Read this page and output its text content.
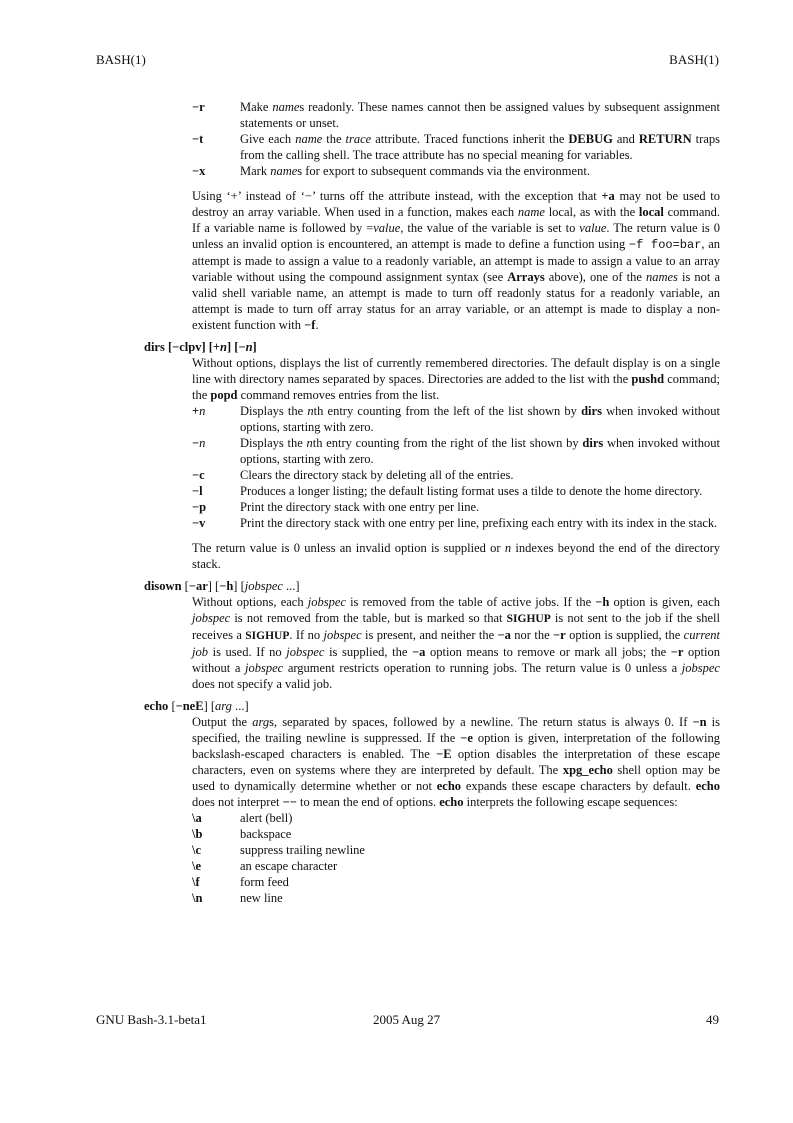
BASH(1)	BASH(1)
−r	Make names readonly. These names cannot then be assigned values by subsequent assignment statements or unset.
−t	Give each name the trace attribute. Traced functions inherit the DEBUG and RETURN traps from the calling shell. The trace attribute has no special meaning for variables.
−x	Mark names for export to subsequent commands via the environment.

Using ‘+’ instead of ‘−’ turns off the attribute instead, with the exception that +a may not be used to destroy an array variable. When used in a function, makes each name local, as with the local command. If a variable name is followed by =value, the value of the variable is set to value. The return value is 0 unless an invalid option is encountered, an attempt is made to define a function using −f foo=bar, an attempt is made to assign a value to a readonly variable, an attempt is made to assign a value to an array variable without using the compound assignment syntax (see Arrays above), one of the names is not a valid shell variable name, an attempt is made to turn off readonly status for a readonly variable, an attempt is made to turn off array status for an array variable, or an attempt is made to display a non-existent function with −f.

dirs [−clpv] [+n] [−n]

Without options, displays the list of currently remembered directories. The default display is on a single line with directory names separated by spaces. Directories are added to the list with the pushd command; the popd command removes entries from the list.

+n	Displays the nth entry counting from the left of the list shown by dirs when invoked without options, starting with zero.
−n	Displays the nth entry counting from the right of the list shown by dirs when invoked without options, starting with zero.
−c	Clears the directory stack by deleting all of the entries.
−l	Produces a longer listing; the default listing format uses a tilde to denote the home directory.
−p	Print the directory stack with one entry per line.
−v	Print the directory stack with one entry per line, prefixing each entry with its index in the stack.

The return value is 0 unless an invalid option is supplied or n indexes beyond the end of the directory stack.

disown [−ar] [−h] [jobspec ...]

Without options, each jobspec is removed from the table of active jobs. If the −h option is given, each jobspec is not removed from the table, but is marked so that SIGHUP is not sent to the job if the shell receives a SIGHUP. If no jobspec is present, and neither the −a nor the −r option is supplied, the current job is used. If no jobspec is supplied, the −a option means to remove or mark all jobs; the −r option without a jobspec argument restricts operation to running jobs. The return value is 0 unless a jobspec does not specify a valid job.

echo [−neE] [arg ...]

Output the args, separated by spaces, followed by a newline. The return status is always 0. If −n is specified, the trailing newline is suppressed. If the −e option is given, interpretation of the following backslash-escaped characters is enabled. The −E option disables the interpretation of these escape characters, even on systems where they are interpreted by default. The xpg_echo shell option may be used to dynamically determine whether or not echo expands these escape characters by default. echo does not interpret −− to mean the end of options. echo interprets the following escape sequences:

\a	alert (bell)
\b	backspace
\c	suppress trailing newline
\e	an escape character
\f	form feed
\n	new line
GNU Bash-3.1-beta1	2005 Aug 27	49
